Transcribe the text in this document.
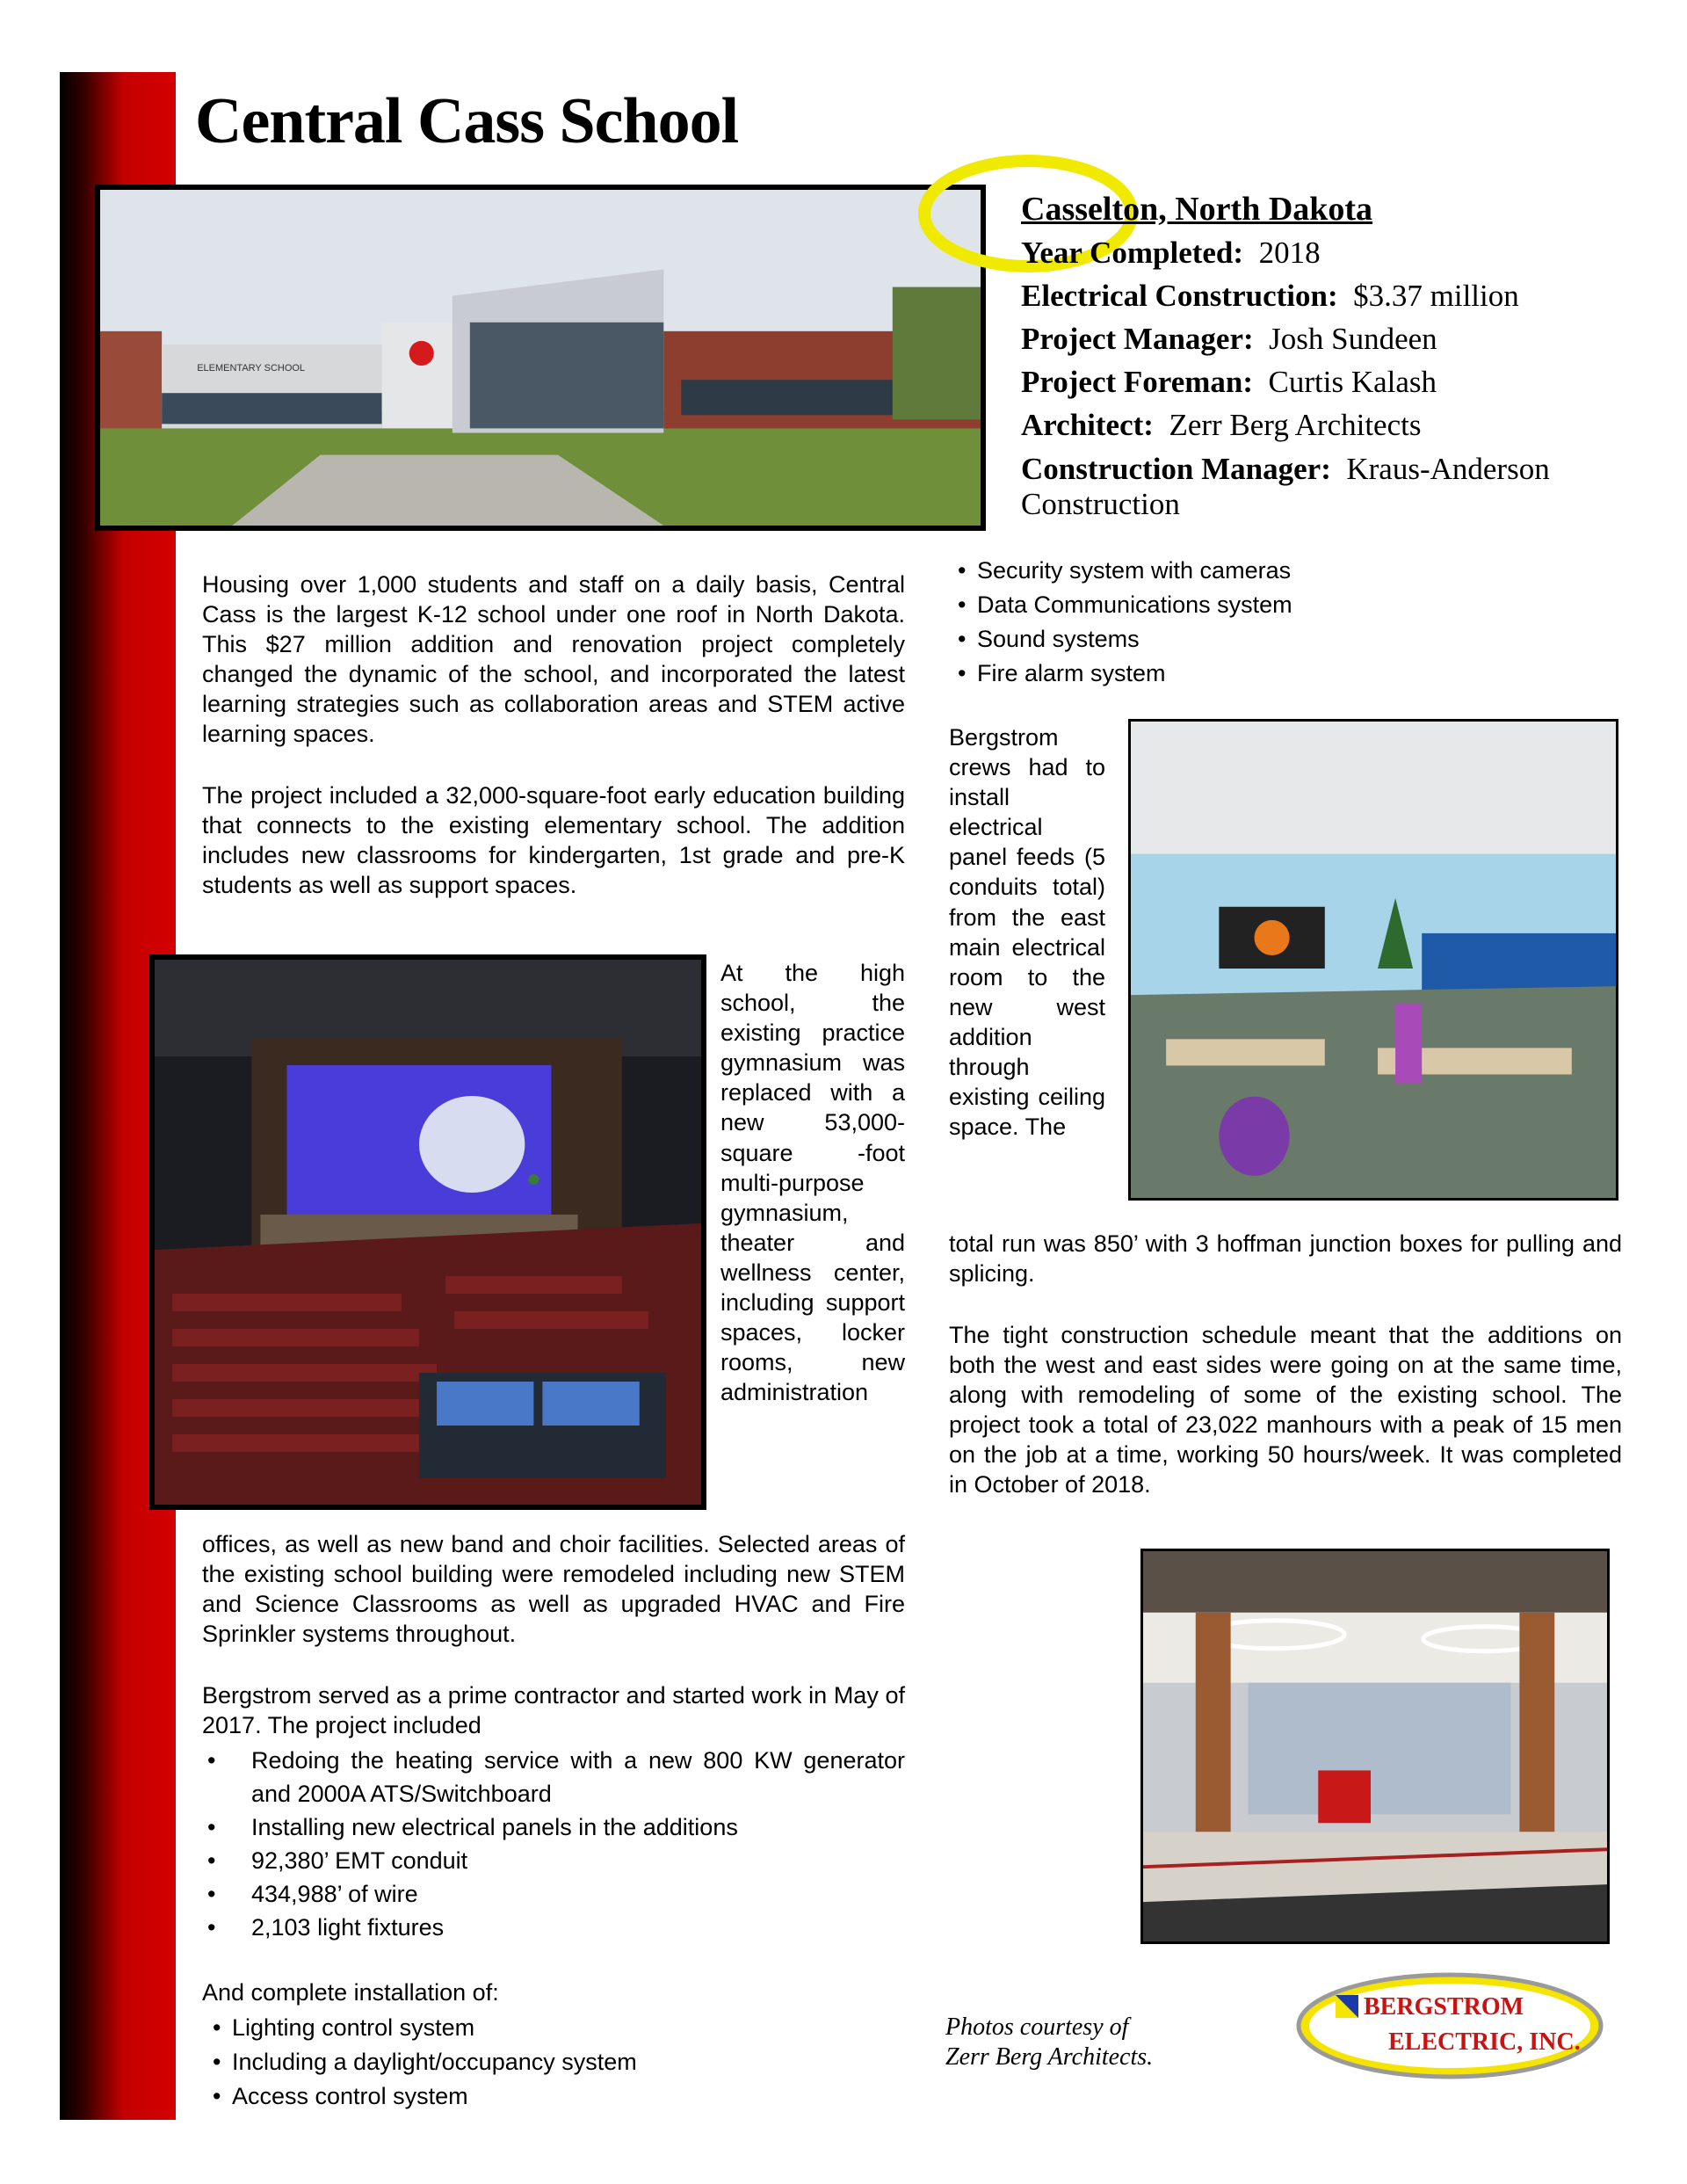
Central Cass School
ELEMENTARY SCHOOL
Casselton, North Dakota
Year Completed: 2018
Electrical Construction: $3.37 million
Project Manager: Josh Sundeen
Project Foreman: Curtis Kalash
Architect: Zerr Berg Architects
Construction Manager: Kraus-Anderson Construction
Housing over 1,000 students and staff on a daily basis, Central Cass is the largest K-12 school under one roof in North Dakota. This $27 million addition and renovation project completely changed the dynamic of the school, and incorporated the latest learning strategies such as collaboration areas and STEM active learning spaces.
The project included a 32,000-square-foot early education building that connects to the existing elementary school. The addition includes new classrooms for kindergarten, 1st grade and pre-K students as well as support spaces.
At the high school, the existing practice gymnasium was replaced with a new 53,000-square -foot multi-purpose gymnasium, theater and wellness center, including support spaces, locker rooms, new administration
offices, as well as new band and choir facilities. Selected areas of the existing school building were remodeled including new STEM and Science Classrooms as well as upgraded HVAC and Fire Sprinkler systems throughout.
Bergstrom served as a prime contractor and started work in May of 2017. The project included
• Redoing the heating service with a new 800 KW generator and 2000A ATS/Switchboard
• Installing new electrical panels in the additions
• 92,380’ EMT conduit
• 434,988’ of wire
• 2,103 light fixtures
And complete installation of:
• Lighting control system
• Including a daylight/occupancy system
• Access control system
• Security system with cameras
• Data Communications system
• Sound systems
• Fire alarm system
Bergstrom crews had to install electrical panel feeds (5 conduits total) from the east main electrical room to the new west addition through existing ceiling space. The
total run was 850’ with 3 hoffman junction boxes for pulling and splicing.
The tight construction schedule meant that the additions on both the west and east sides were going on at the same time, along with remodeling of some of the existing school. The project took a total of 23,022 manhours with a peak of 15 men on the job at a time, working 50 hours/week. It was completed in October of 2018.
Photos courtesy of
Zerr Berg Architects.
BERGSTROM
ELECTRIC, INC.
